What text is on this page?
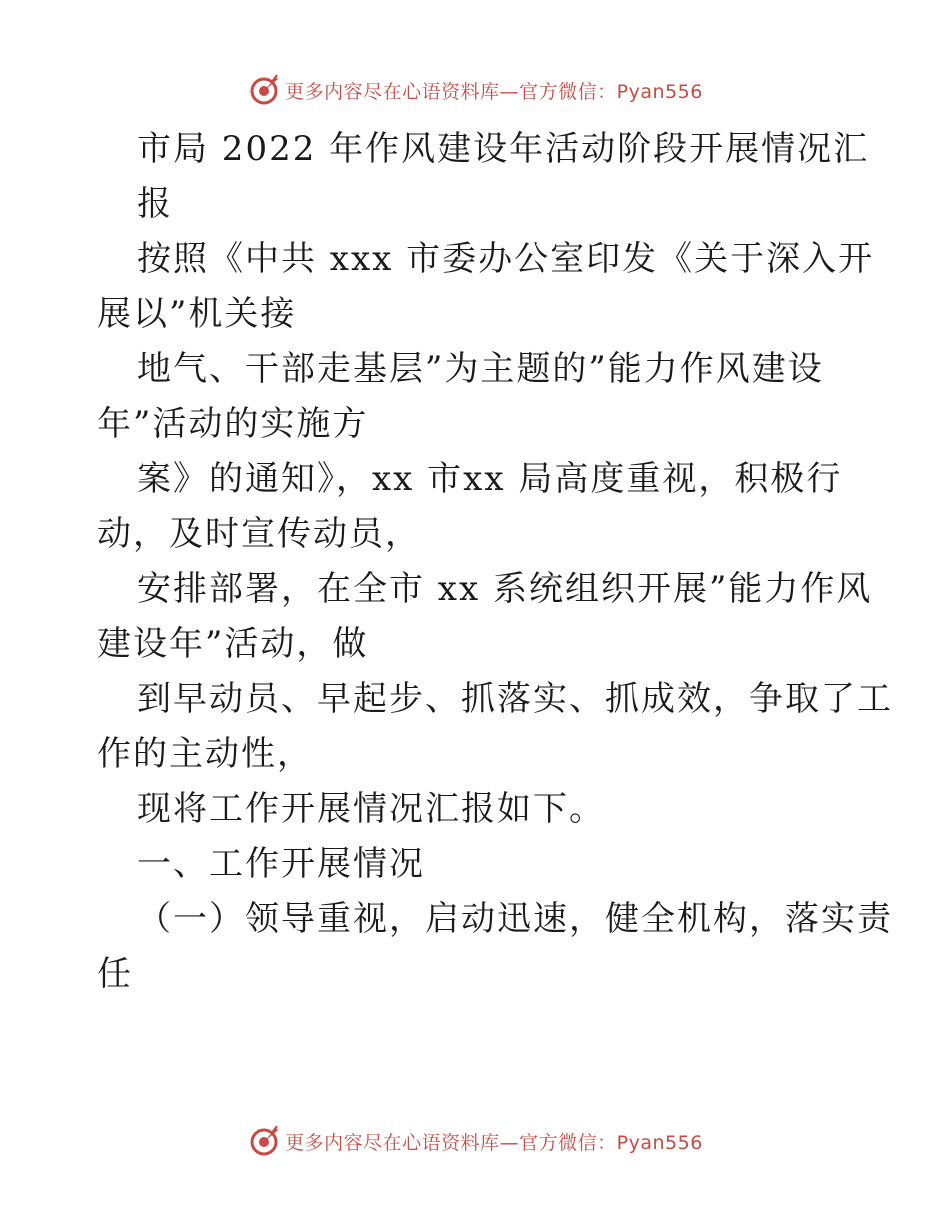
更多内容尽在心语资料库—官方微信：Pyan556
市局 2022 年作风建设年活动阶段开展情况汇
报
按照《中共 xxx 市委办公室印发《关于深入开
展以”机关接
地气、干部走基层”为主题的”能力作风建设
年”活动的实施方
案》的通知》，xx 市xx 局高度重视，积极行
动，及时宣传动员，
安排部署，在全市 xx 系统组织开展”能力作风
建设年”活动，做
到早动员、早起步、抓落实、抓成效，争取了工
作的主动性，
现将工作开展情况汇报如下。
一、工作开展情况
（一）领导重视，启动迅速，健全机构，落实责
任
更多内容尽在心语资料库—官方微信：Pyan556
